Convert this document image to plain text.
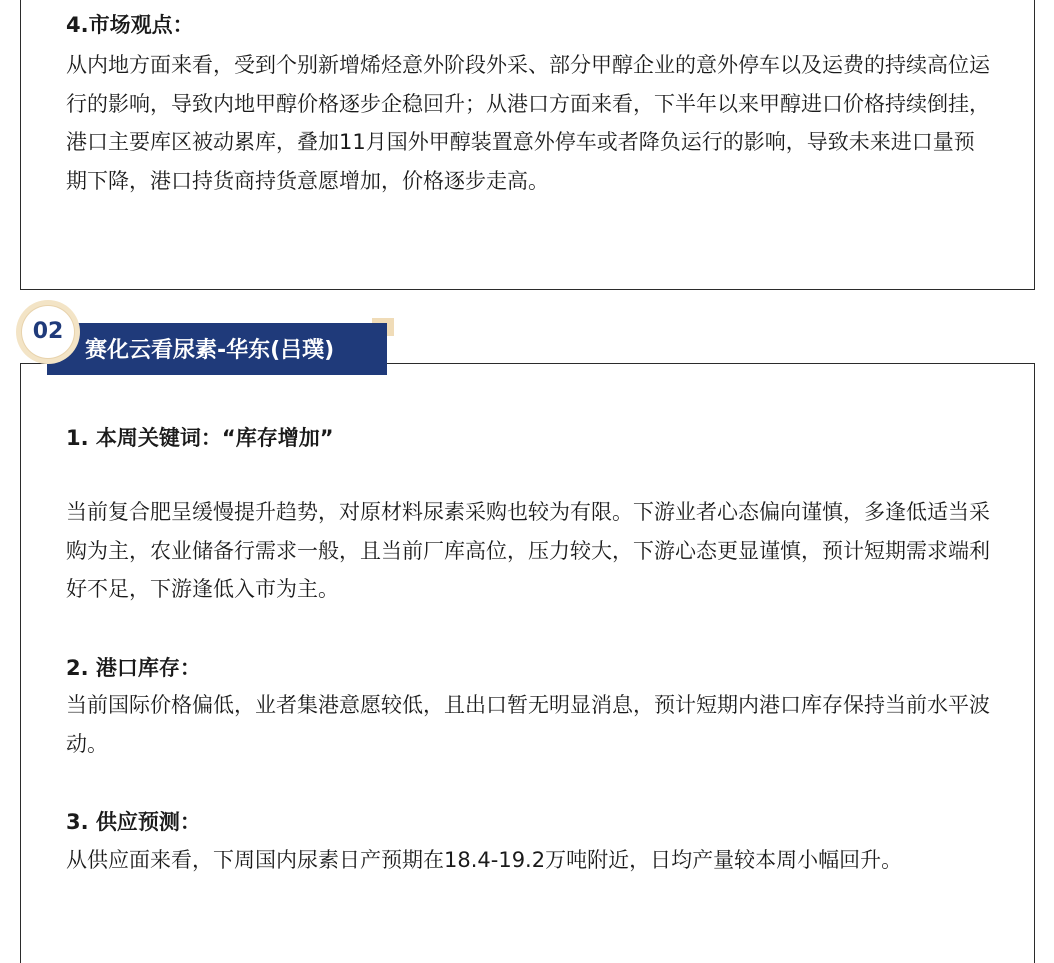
4.市场观点：

从内地方面来看，受到个别新增烯烃意外阶段外采、部分甲醇企业的意外停车以及运费的持续高位运行的影响，导致内地甲醇价格逐步企稳回升；从港口方面来看，下半年以来甲醇进口价格持续倒挂，港口主要库区被动累库，叠加11月国外甲醇装置意外停车或者降负运行的影响，导致未来进口量预期下降，港口持货商持货意愿增加，价格逐步走高。

赛化云看尿素-华东(吕璞)
02
1. 本周关键词：“库存增加”

当前复合肥呈缓慢提升趋势，对原材料尿素采购也较为有限。下游业者心态偏向谨慎，多逢低适当采购为主，农业储备行需求一般，且当前厂库高位，压力较大，下游心态更显谨慎，预计短期需求端利好不足，下游逢低入市为主。

2. 港口库存：

当前国际价格偏低，业者集港意愿较低，且出口暂无明显消息，预计短期内港口库存保持当前水平波动。

3. 供应预测：

从供应面来看，下周国内尿素日产预期在18.4-19.2万吨附近，日均产量较本周小幅回升。
